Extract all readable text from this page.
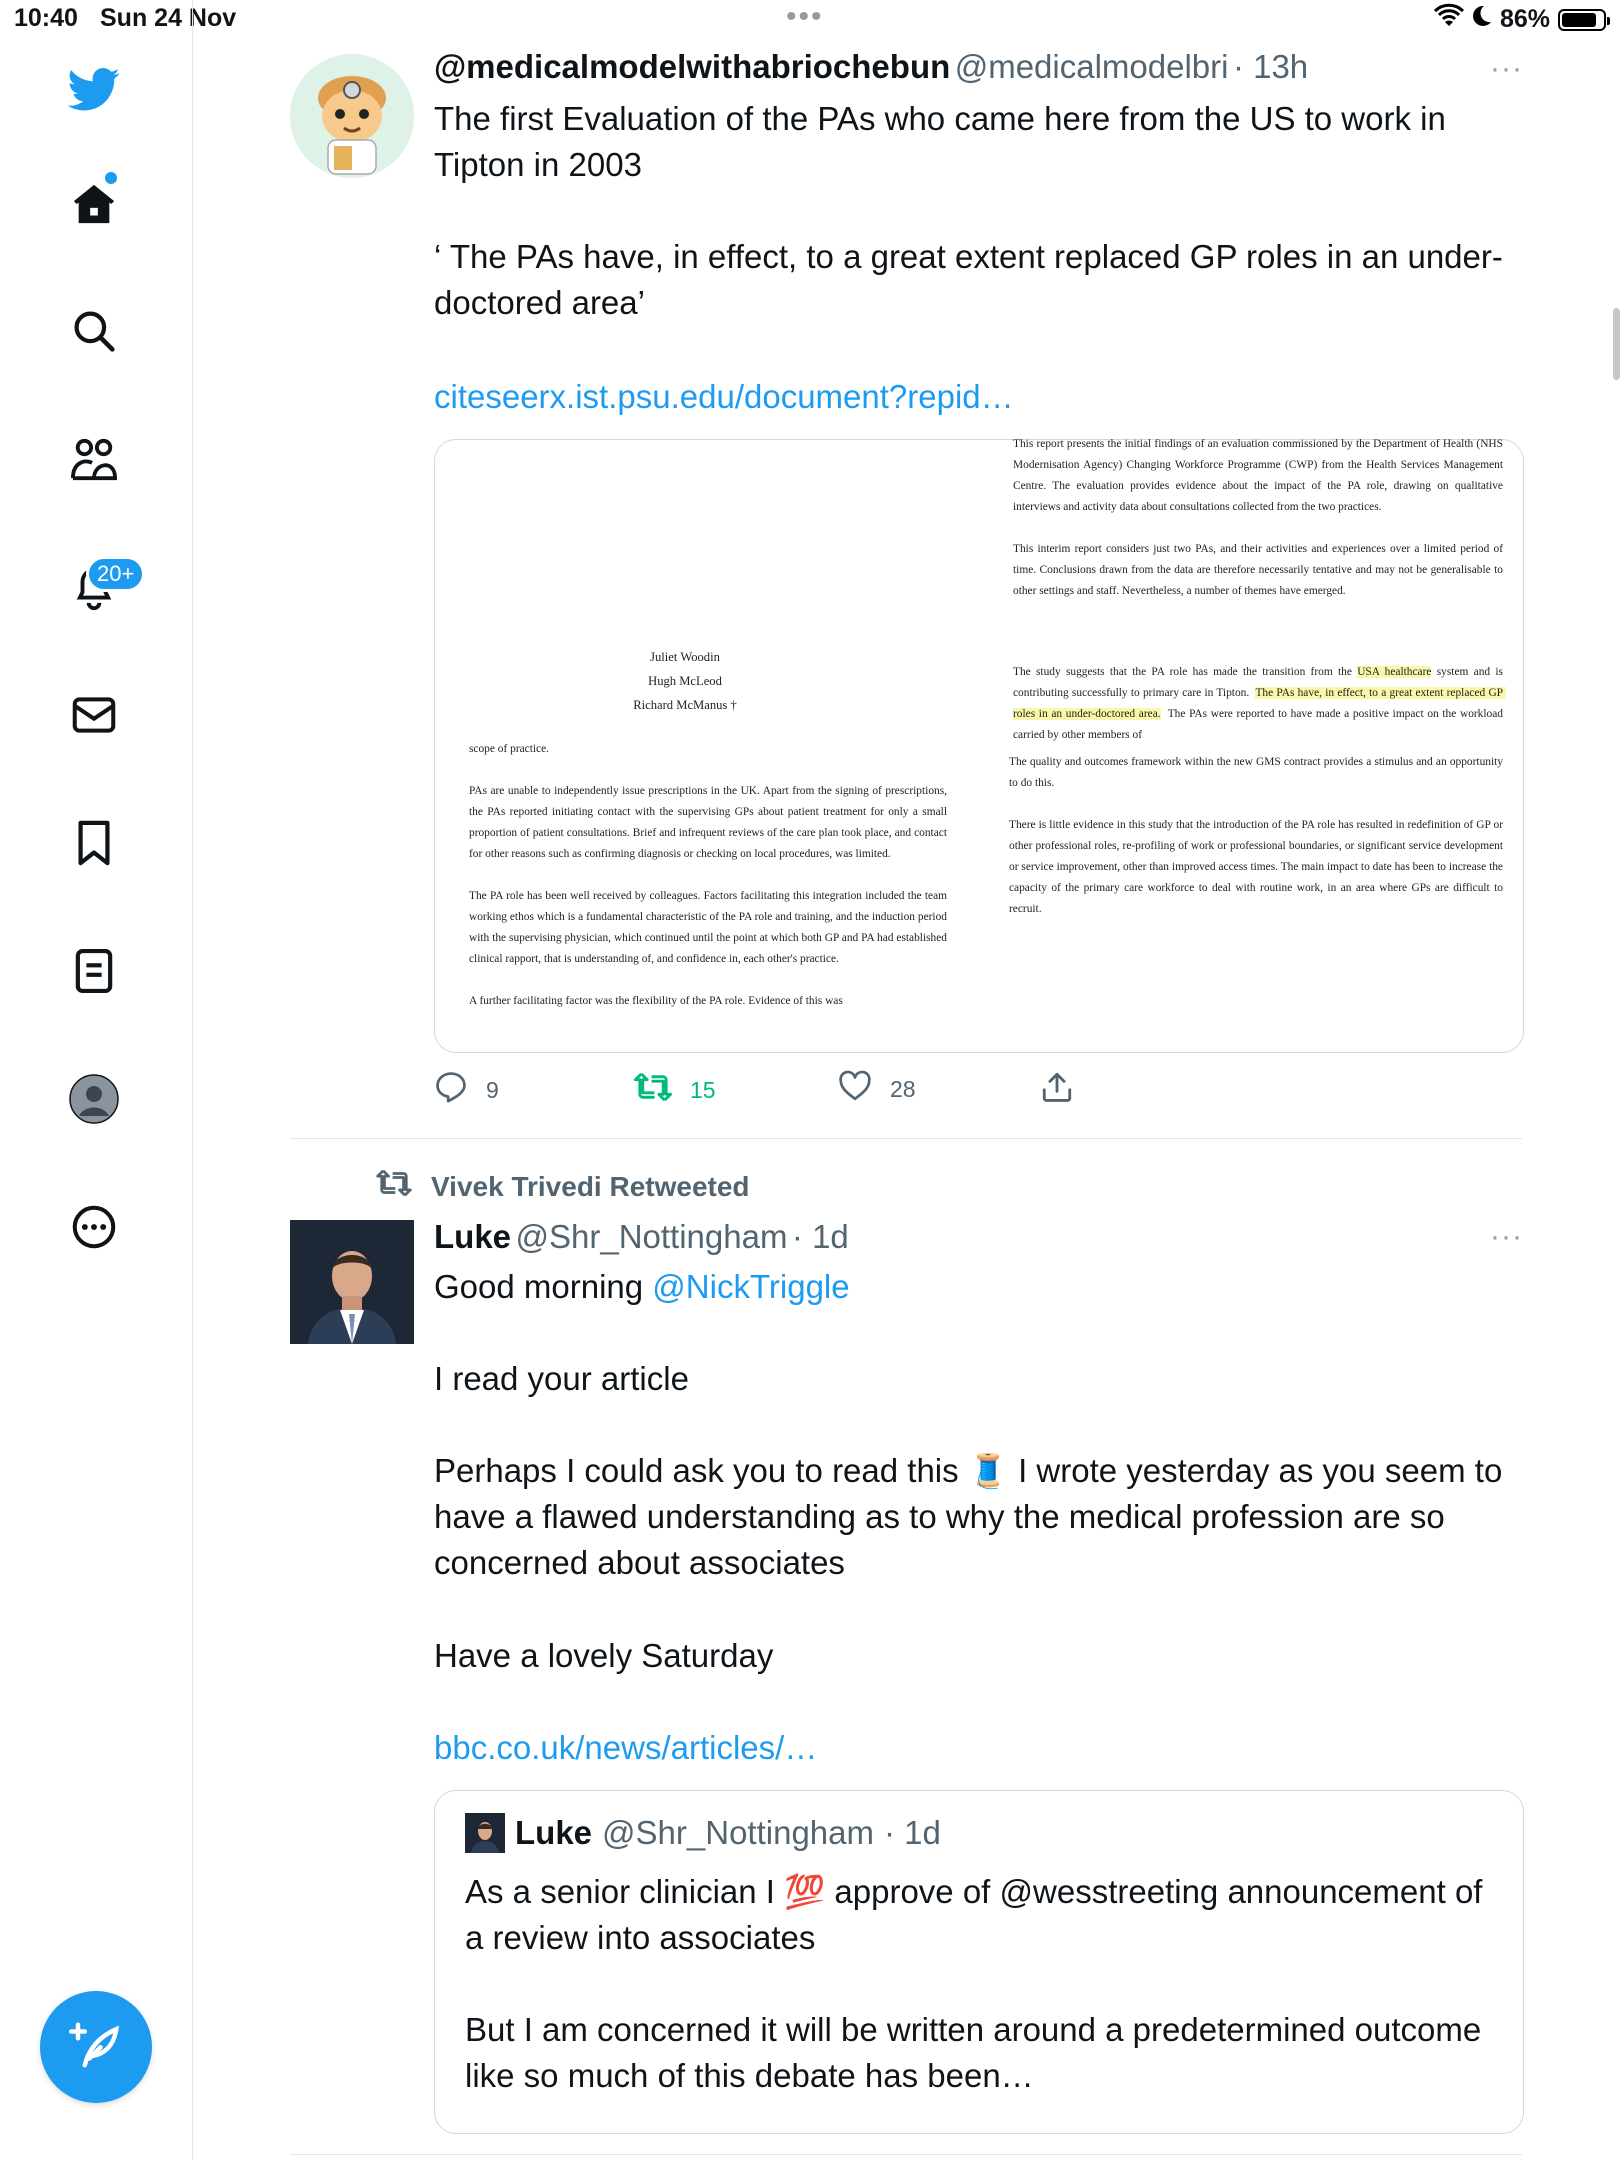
10:40 Sun 24 Nov	•••	86%
20+
@medicalmodelwithabriochebun @medicalmodelbri · 13h	···
The first Evaluation of the PAs who came here from the US to work in Tipton in 2003

‘ The PAs have, in effect, to a great extent replaced GP roles in an under-doctored area’
citeseerx.ist.psu.edu/document?repid…
Juliet Woodin
Hugh McLeod
Richard McManus †
This report presents the initial findings of an evaluation commissioned by the Department of Health (NHS Modernisation Agency) Changing Workforce Programme (CWP) from the Health Services Management Centre. The evaluation provides evidence about the impact of the PA role, drawing on qualitative interviews and activity data about consultations collected from the two practices.

This interim report considers just two PAs, and their activities and experiences over a limited period of time. Conclusions drawn from the data are therefore necessarily tentative and may not be generalisable to other settings and staff. Nevertheless, a number of themes have emerged.
The study suggests that the PA role has made the transition from the USA healthcare system and is contributing successfully to primary care in Tipton.  The PAs have, in effect, to a great extent replaced GP roles in an under-doctored area.  The PAs were reported to have made a positive impact on the workload carried by other members of
The quality and outcomes framework within the new GMS contract provides a stimulus and an opportunity to do this.

There is little evidence in this study that the introduction of the PA role has resulted in redefinition of GP or other professional roles, re-profiling of work or professional boundaries, or significant service development or service improvement, other than improved access times. The main impact to date has been to increase the capacity of the primary care workforce to deal with routine work, in an area where GPs are difficult to recruit.
scope of practice.

PAs are unable to independently issue prescriptions in the UK. Apart from the signing of prescriptions, the PAs reported initiating contact with the supervising GPs about patient treatment for only a small proportion of patient consultations. Brief and infrequent reviews of the care plan took place, and contact for other reasons such as confirming diagnosis or checking on local procedures, was limited.

The PA role has been well received by colleagues. Factors facilitating this integration included the team working ethos which is a fundamental characteristic of the PA role and training, and the induction period with the supervising physician, which continued until the point at which both GP and PA had established clinical rapport, that is understanding of, and confidence in, each other's practice.

A further facilitating factor was the flexibility of the PA role. Evidence of this was
9	15	28
Vivek Trivedi Retweeted
Luke @Shr_Nottingham · 1d	···
Good morning @NickTriggle
I read your article
Perhaps I could ask you to read this 🧵 I wrote yesterday as you seem to have a flawed understanding as to why the medical profession are so concerned about associates
Have a lovely Saturday
bbc.co.uk/news/articles/…
Luke @Shr_Nottingham · 1d
As a senior clinician I 💯 approve of @wesstreeting announcement of a review into associates
But I am concerned it will be written around a predetermined outcome like so much of this debate has been…
